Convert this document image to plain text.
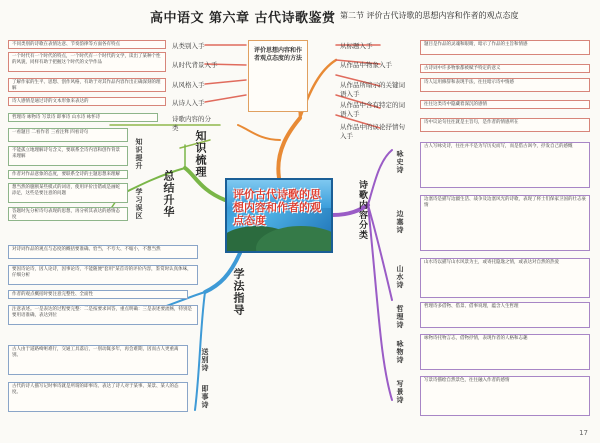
高中语文 第六章 古代诗歌鉴赏 第二节 评价古代诗歌的思想内容和作者的观点态度
不同类别的诗歌在表情达意、节奏韵律等方面各有特点
一个时代有一个时代的特点，一个时代有一个时代的文学，读出了某种个性的风貌，同样有助于把握这个时代的文学作品
了解作家的生平、思想、创作风格，有助于对其作品内容作出正确深刻的理解
诗人感情是通过诗的文本形象来表达的
从类别入手
从时代背景入手
从风格入手
从诗人入手
评价思想内容和作者观点态度的方法
从标题入手
从作品中物象入手
从作品所暗示的关键词语入手
从作品中含有特定的词语入手
从作品中的议论抒情句入手
题目是作品的灵魂和眼睛，暗示了作品的主旨和情感
古诗词中许多物象都被赋予特定的意义
诗人运用修辞和表现手法，往往暗示诗中情感
往往这类诗中隐藏着深沉的感情
诗中议论句往往就是主旨句，是作者的情感所在
哲理诗 咏物诗 写景诗 即事诗 山水诗 咏怀诗	诗歌内容的分类
一看题目 二看作者 三看注释 四看诗句
不能孤立地理解诗句含义，要联系全诗内容和创作背景来理解
作者对作品意象的态度，要联系全诗的主题思想来理解
知识提升
想当然的臆断某些模式的词语，使用评价出错或是画蛇添足，这些是要注意的问题
答题时先分析诗句表现的思想，再分析其表达的感情态度	学习误区
知识梳理
总结升华
对诗词作品的观点与态度的概括要准确、恰当，不夸大、不缩小，不想当然
要因诗论诗，因人论诗，因事论诗，不能随便"套用"某首诗的评价内容，鉴赏时认真体味，仔细分析
作者的观点概括时要注意完整性、全面性
注意表述。一是表达的过程要完整：二是按要求回答，重点明确：三是表述要流畅，特别是要用语准确，表达到位	学法指导
古人由于道路崎岖难行，交通工具落后，一别动辄多年，再会难期，因而古人更重离别。	送别诗
古代的诗人描写记时事诗就是所谓的即事诗。表达了诗人对于某事、某景、某人的态度。	即事诗
评价古代诗歌的思想内容和作者的观点态度	诗歌内容分类
咏史诗
古人写咏史诗，往往并不是为写历史而写，而是借古讽今，抒发自己的感慨
边塞诗
边塞诗是描写边疆生活、战争及边塞风光的诗歌，表现了将士们保家卫国的壮志豪情
山水诗
山水诗以描写山水风景为主，或寄托隐逸之情，或表达对自然的热爱
哲理诗	哲理诗多借物、借景、借事说理，蕴含人生哲理
咏物诗
咏物诗托物言志，借物抒情，表现作者的人格和志趣
写景诗	写景诗描绘自然景色，往往融入作者的感情
17
